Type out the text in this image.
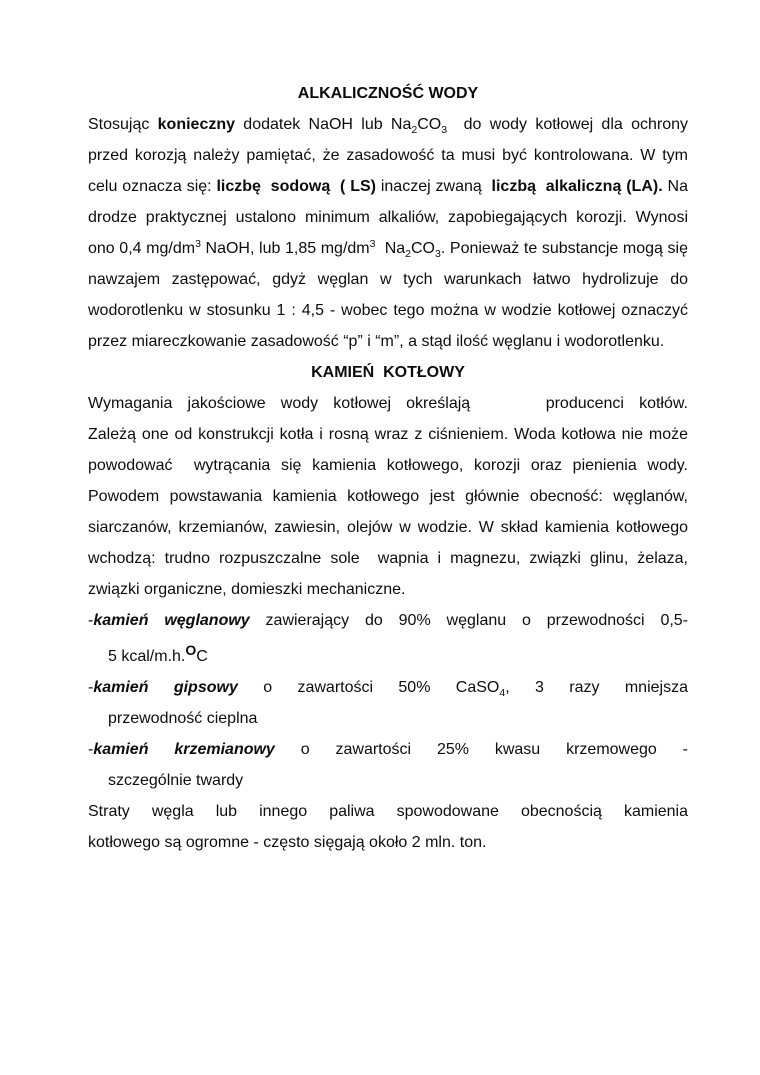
ALKALICZNOŚĆ WODY

Stosując konieczny dodatek NaOH lub $Na_2CO_3$  do wody kotłowej dla ochrony przed korozją należy pamiętać, że zasadowość ta musi być kontrolowana. W tym celu oznacza się: liczbę  sodową  ( LS) inaczej zwaną  liczbą  alkaliczną (LA). Na drodze praktycznej ustalono minimum alkaliów, zapobiegających korozji. Wynosi ono 0,4 $mg/dm^3$ NaOH, lub 1,85 $mg/dm^3$  $Na_2CO_3$. Ponieważ te substancje mogą się nawzajem zastępować, gdyż węglan w tych warunkach łatwo hydrolizuje do wodorotlenku w stosunku 1 : 4,5 - wobec tego można w wodzie kotłowej oznaczyć przez miareczkowanie zasadowość “p” i “m”, a stąd ilość węglanu i wodorotlenku.

KAMIEŃ  KOTŁOWY
Wymagania jakościowe wody kotłowej określają     producenci kotłów.

Zależą one od konstrukcji kotła i rosną wraz z ciśnieniem. Woda kotłowa nie może powodować  wytrącania się kamienia kotłowego, korozji oraz pienienia wody. Powodem powstawania kamienia kotłowego jest głównie obecność: węglanów, siarczanów, krzemianów, zawiesin, olejów w wodzie. W skład kamienia kotłowego wchodzą: trudno rozpuszczalne sole  wapnia i magnezu, związki glinu, żelaza, związki organiczne, domieszki mechaniczne.

-kamień węglanowy zawierający do 90% węglanu o przewodności 0,5-
5 kcal/m.h.OC
-kamień gipsowy o zawartości 50% CaSO$_4$, 3 razy mniejsza
przewodność cieplna
-kamień krzemianowy o zawartości 25% kwasu krzemowego -
szczególnie twardy
Straty węgla lub innego paliwa spowodowane obecnością kamienia
kotłowego są ogromne - często sięgają około 2 mln. ton.
